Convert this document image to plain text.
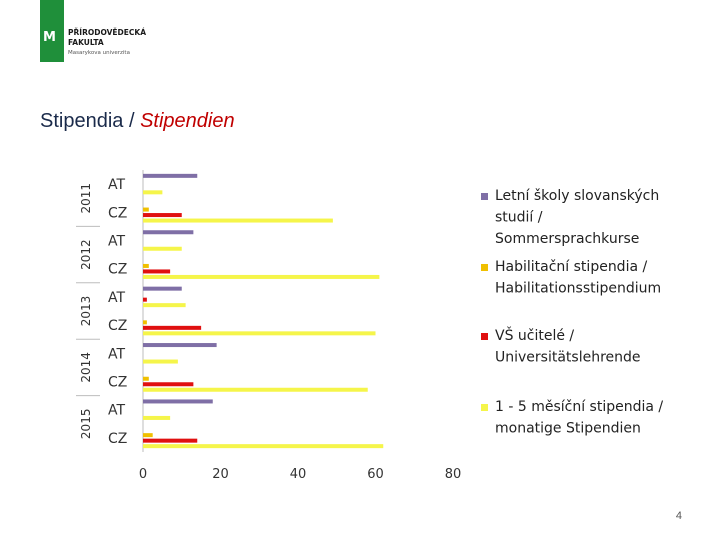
M PŘÍRODOVĚDECKÁ
FAKULTA
Masarykova univerzita
Stipendia / Stipendien
AT
CZ
AT
CZ
AT
CZ
AT
CZ
AT
CZ
2011
2012
2013
2014
2015
0	20	40	60	80
Letní školy slovanských
studií /
Sommersprachkurse
Habilitační stipendia /
Habilitationsstipendium
VŠ učitelé /
Universitätslehrende
1 - 5 měsíční stipendia /
monatige Stipendien
4
